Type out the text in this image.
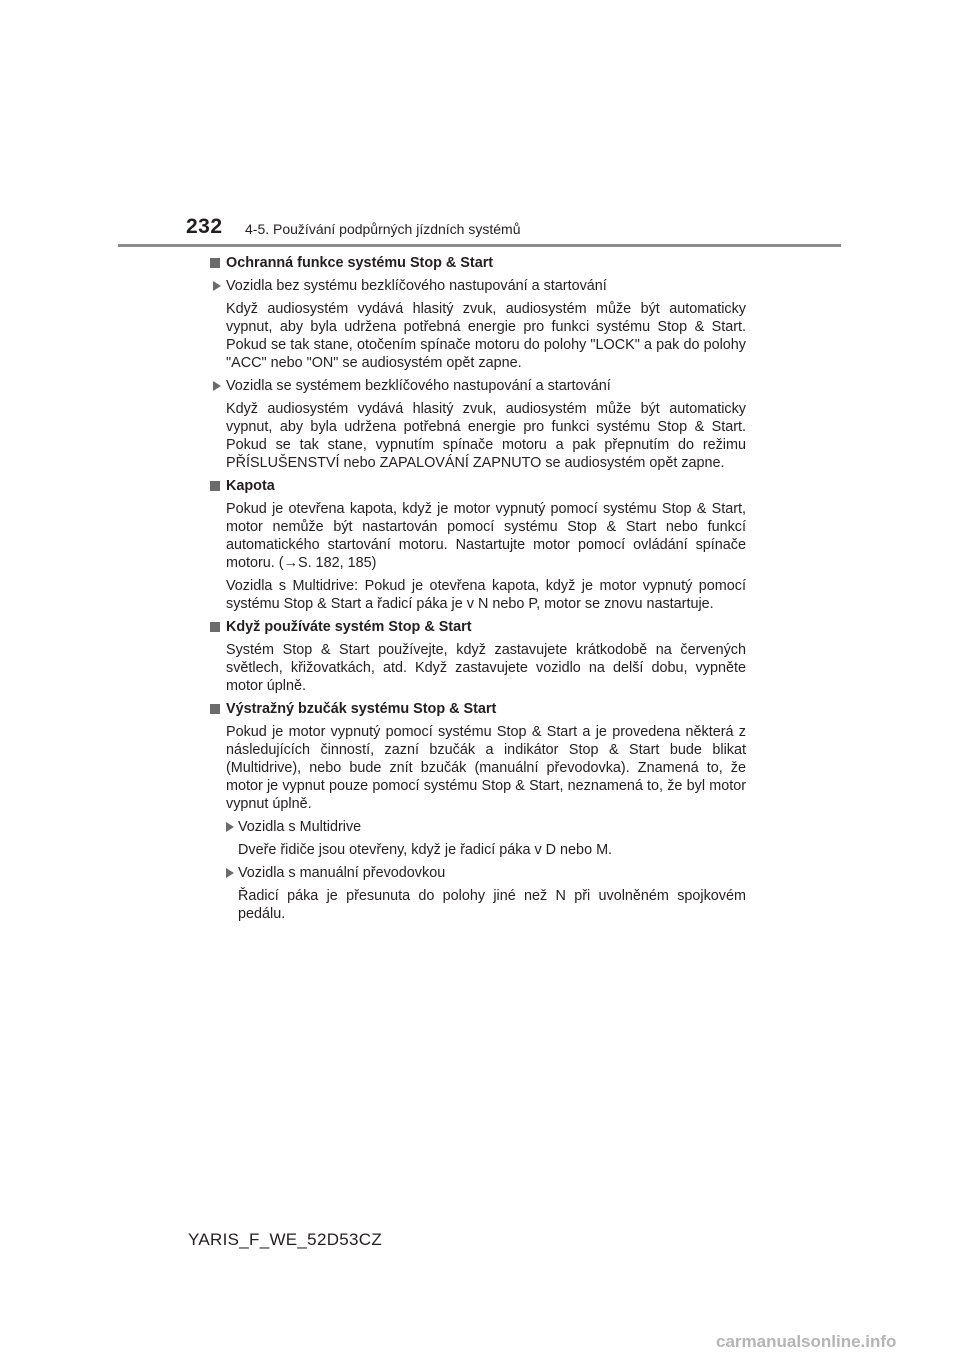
232 4-5. Používání podpůrných jízdních systémů
Ochranná funkce systému Stop & Start
Vozidla bez systému bezklíčového nastupování a startování
Když audiosystém vydává hlasitý zvuk, audiosystém může být automaticky vypnut, aby byla udržena potřebná energie pro funkci systému Stop & Start. Pokud se tak stane, otočením spínače motoru do polohy "LOCK" a pak do polohy "ACC" nebo "ON" se audiosystém opět zapne.
Vozidla se systémem bezklíčového nastupování a startování
Když audiosystém vydává hlasitý zvuk, audiosystém může být automaticky vypnut, aby byla udržena potřebná energie pro funkci systému Stop & Start. Pokud se tak stane, vypnutím spínače motoru a pak přepnutím do režimu PŘÍSLUŠENSTVÍ nebo ZAPALOVÁNÍ ZAPNUTO se audiosystém opět zapne.
Kapota
Pokud je otevřena kapota, když je motor vypnutý pomocí systému Stop & Start, motor nemůže být nastartován pomocí systému Stop & Start nebo funkcí automatického startování motoru. Nastartujte motor pomocí ovládání spínače motoru. (→S. 182, 185)
Vozidla s Multidrive: Pokud je otevřena kapota, když je motor vypnutý pomocí systému Stop & Start a řadicí páka je v N nebo P, motor se znovu nastartuje.
Když používáte systém Stop & Start
Systém Stop & Start používejte, když zastavujete krátkodobě na červených světlech, křižovatkách, atd. Když zastavujete vozidlo na delší dobu, vypněte motor úplně.
Výstražný bzučák systému Stop & Start
Pokud je motor vypnutý pomocí systému Stop & Start a je provedena některá z následujících činností, zazní bzučák a indikátor Stop & Start bude blikat (Multidrive), nebo bude znít bzučák (manuální převodovka). Znamená to, že motor je vypnut pouze pomocí systému Stop & Start, neznamená to, že byl motor vypnut úplně.
Vozidla s Multidrive
Dveře řidiče jsou otevřeny, když je řadicí páka v D nebo M.
Vozidla s manuální převodovkou
Řadicí páka je přesunuta do polohy jiné než N při uvolněném spojkovém pedálu.
YARIS_F_WE_52D53CZ
carmanualsonline.info
